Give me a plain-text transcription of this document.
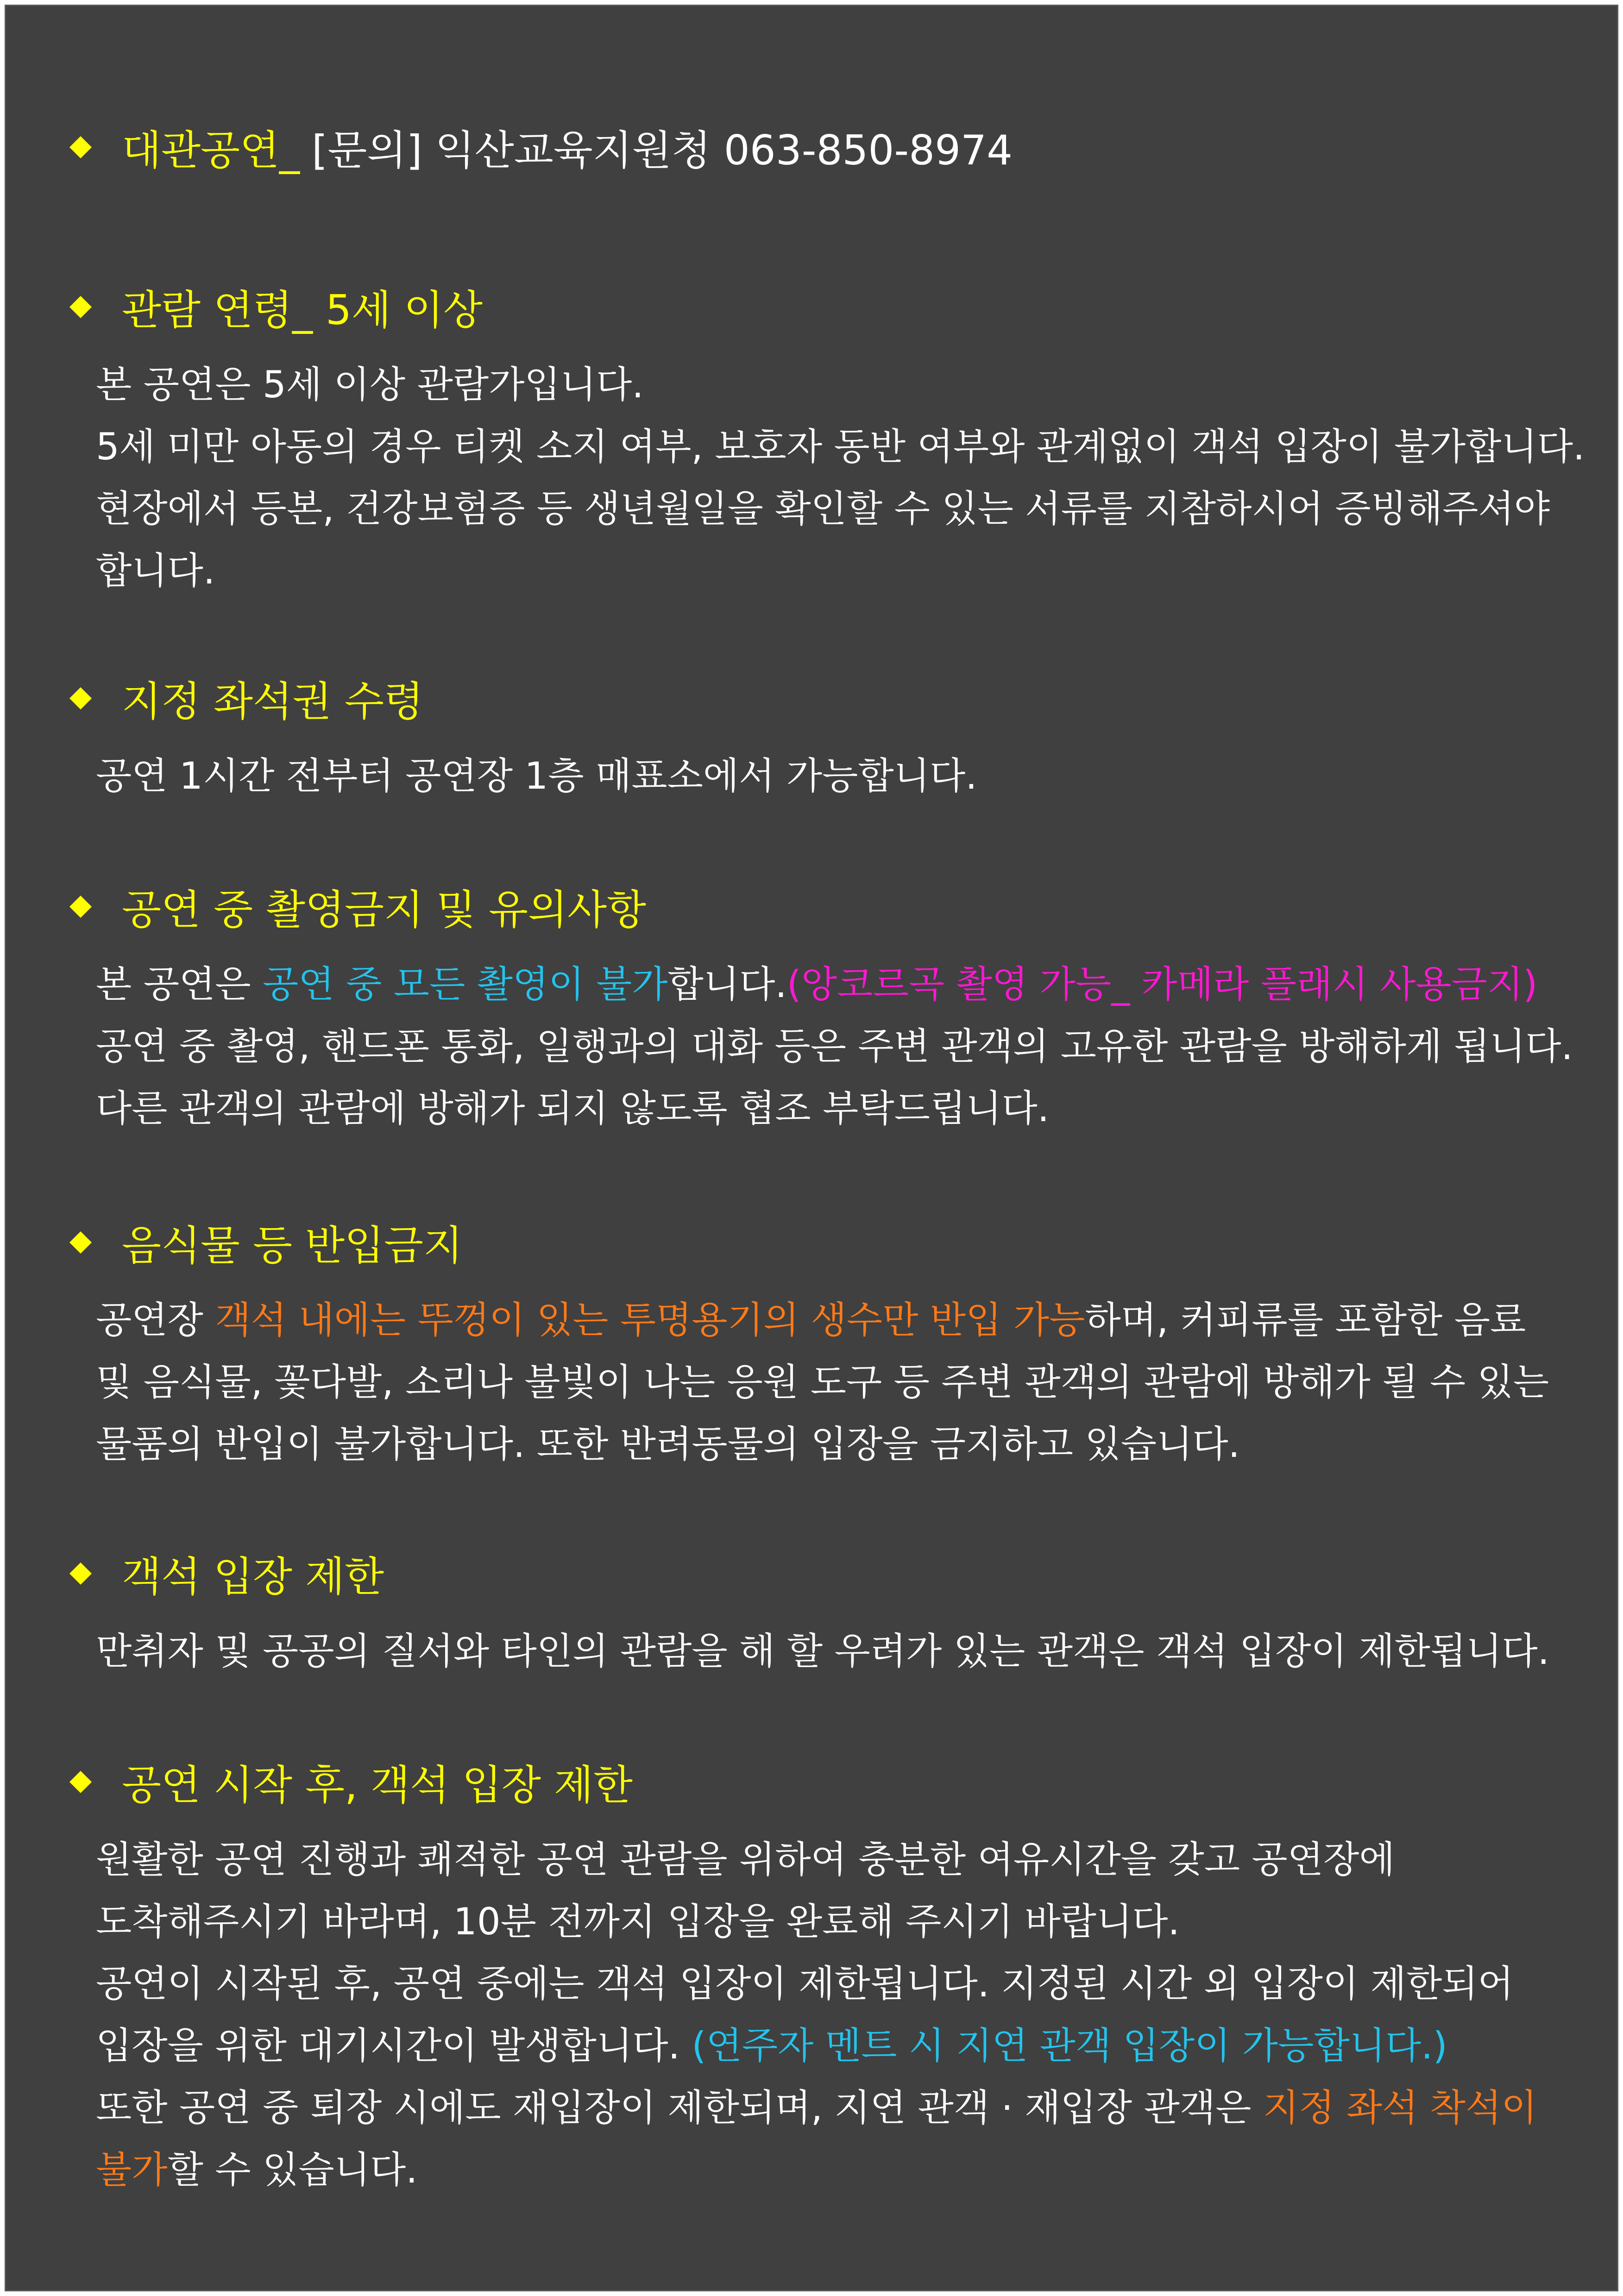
대관공연_ [문의] 익산교육지원청 063-850-8974
관람 연령_ 5세 이상
본 공연은 5세 이상 관람가입니다.
5세 미만 아동의 경우 티켓 소지 여부, 보호자 동반 여부와 관계없이 객석 입장이 불가합니다.
현장에서 등본, 건강보험증 등 생년월일을 확인할 수 있는 서류를 지참하시어 증빙해주셔야
합니다.
지정 좌석권 수령
공연 1시간 전부터 공연장 1층 매표소에서 가능합니다.
공연 중 촬영금지 및 유의사항
본 공연은 공연 중 모든 촬영이 불가합니다.(앙코르곡 촬영 가능_ 카메라 플래시 사용금지)
공연 중 촬영, 핸드폰 통화, 일행과의 대화 등은 주변 관객의 고유한 관람을 방해하게 됩니다.
다른 관객의 관람에 방해가 되지 않도록 협조 부탁드립니다.
음식물 등 반입금지
공연장 객석 내에는 뚜껑이 있는 투명용기의 생수만 반입 가능하며, 커피류를 포함한 음료
및 음식물, 꽃다발, 소리나 불빛이 나는 응원 도구 등 주변 관객의 관람에 방해가 될 수 있는
물품의 반입이 불가합니다. 또한 반려동물의 입장을 금지하고 있습니다.
객석 입장 제한
만취자 및 공공의 질서와 타인의 관람을 해 할 우려가 있는 관객은 객석 입장이 제한됩니다.
공연 시작 후, 객석 입장 제한
원활한 공연 진행과 쾌적한 공연 관람을 위하여 충분한 여유시간을 갖고 공연장에
도착해주시기 바라며, 10분 전까지 입장을 완료해 주시기 바랍니다.
공연이 시작된 후, 공연 중에는 객석 입장이 제한됩니다. 지정된 시간 외 입장이 제한되어
입장을 위한 대기시간이 발생합니다. (연주자 멘트 시 지연 관객 입장이 가능합니다.)
또한 공연 중 퇴장 시에도 재입장이 제한되며, 지연 관객 · 재입장 관객은 지정 좌석 착석이
불가할 수 있습니다.
